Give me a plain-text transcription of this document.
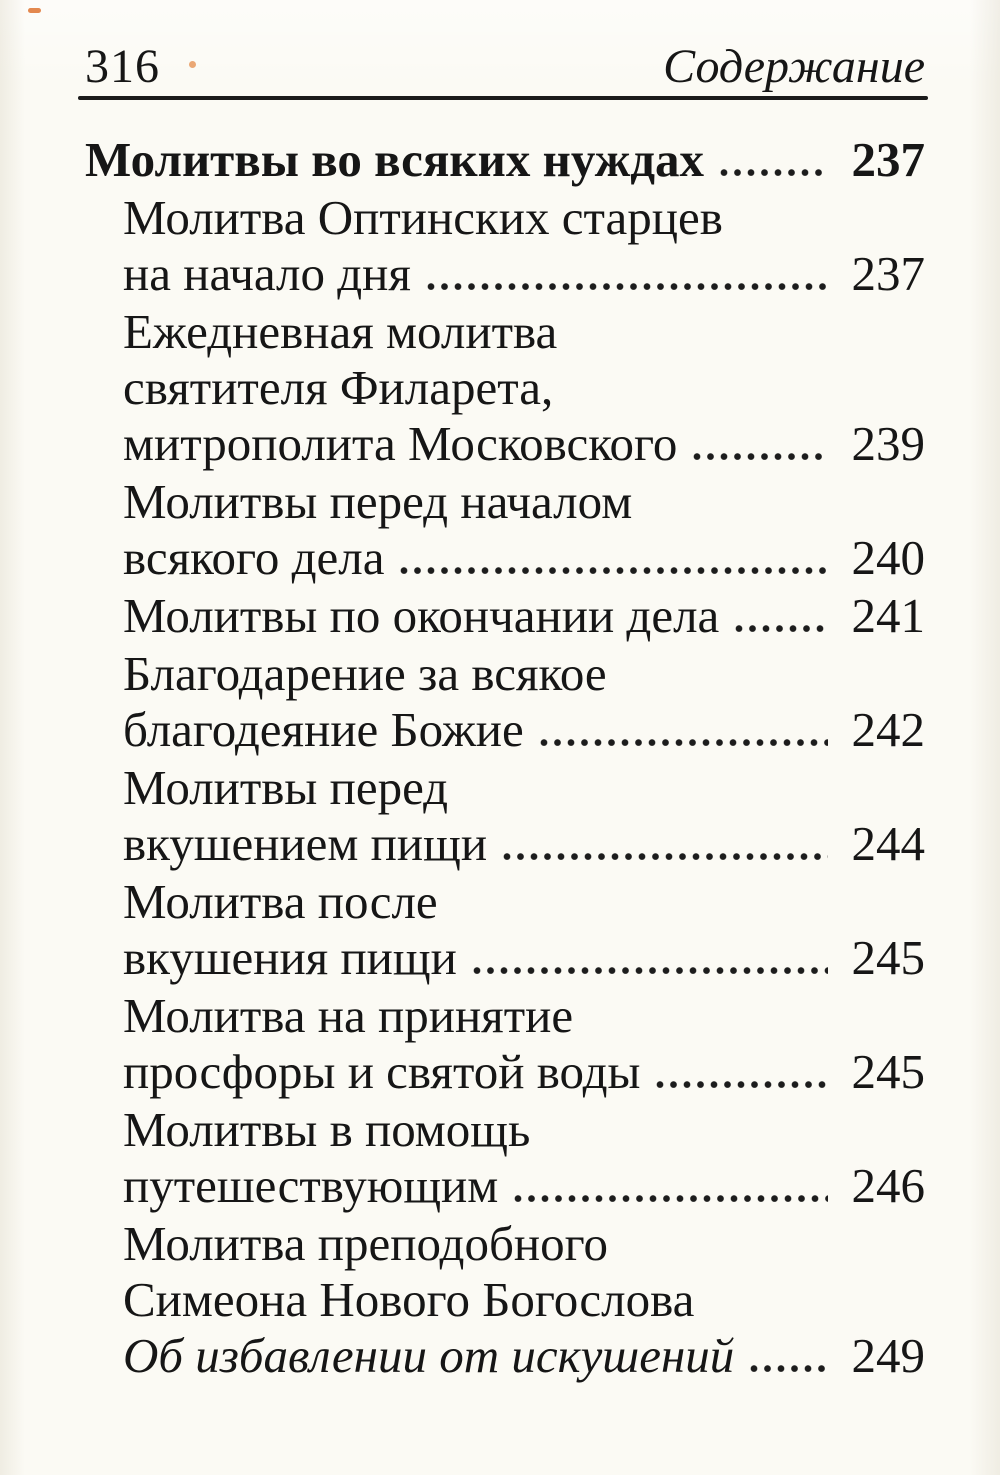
316	Содержание
Молитвы во всяких нуждах	237
Молитва Оптинских старцев
на начало дня	237
Ежедневная молитва
святителя Филарета,
митрополита Московского	239
Молитвы перед началом
всякого дела	240
Молитвы по окончании дела	241
Благодарение за всякое
благодеяние Божие	242
Молитвы перед
вкушением пищи	244
Молитва после
вкушения пищи	245
Молитва на принятие
просфоры и святой воды	245
Молитвы в помощь
путешествующим	246
Молитва преподобного
Симеона Нового Богослова
Об избавлении от искушений 249
